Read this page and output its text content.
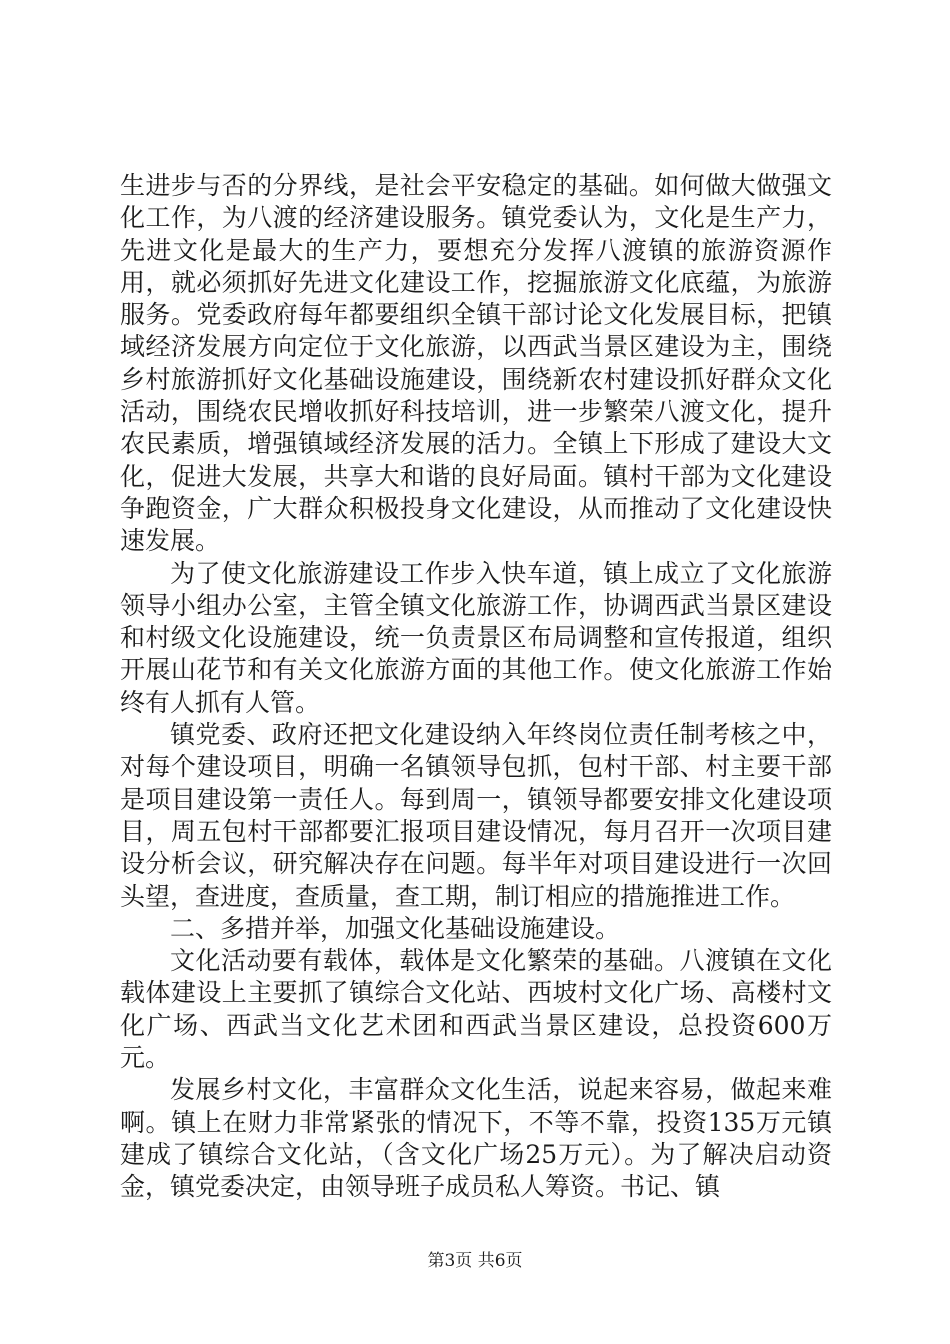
生进步与否的分界线，是社会平安稳定的基础。如何做大做强文化工作，为八渡的经济建设服务。镇党委认为，文化是生产力，先进文化是最大的生产力，要想充分发挥八渡镇的旅游资源作用，就必须抓好先进文化建设工作，挖掘旅游文化底蕴，为旅游服务。党委政府每年都要组织全镇干部讨论文化发展目标，把镇域经济发展方向定位于文化旅游，以西武当景区建设为主，围绕乡村旅游抓好文化基础设施建设，围绕新农村建设抓好群众文化活动，围绕农民增收抓好科技培训，进一步繁荣八渡文化，提升农民素质，增强镇域经济发展的活力。全镇上下形成了建设大文化，促进大发展，共享大和谐的良好局面。镇村干部为文化建设争跑资金，广大群众积极投身文化建设，从而推动了文化建设快速发展。

为了使文化旅游建设工作步入快车道，镇上成立了文化旅游领导小组办公室，主管全镇文化旅游工作，协调西武当景区建设和村级文化设施建设，统一负责景区布局调整和宣传报道，组织开展山花节和有关文化旅游方面的其他工作。使文化旅游工作始终有人抓有人管。

镇党委、政府还把文化建设纳入年终岗位责任制考核之中，对每个建设项目，明确一名镇领导包抓，包村干部、村主要干部是项目建设第一责任人。每到周一，镇领导都要安排文化建设项目，周五包村干部都要汇报项目建设情况，每月召开一次项目建设分析会议，研究解决存在问题。每半年对项目建设进行一次回头望，查进度，查质量，查工期，制订相应的措施推进工作。

二、多措并举，加强文化基础设施建设。

文化活动要有载体，载体是文化繁荣的基础。八渡镇在文化载体建设上主要抓了镇综合文化站、西坡村文化广场、高楼村文化广场、西武当文化艺术团和西武当景区建设，总投资600万元。

发展乡村文化，丰富群众文化生活，说起来容易，做起来难啊。镇上在财力非常紧张的情况下，不等不靠，投资135万元镇建成了镇综合文化站，（含文化广场25万元）。为了解决启动资金，镇党委决定，由领导班子成员私人筹资。书记、镇

第3页 共6页
